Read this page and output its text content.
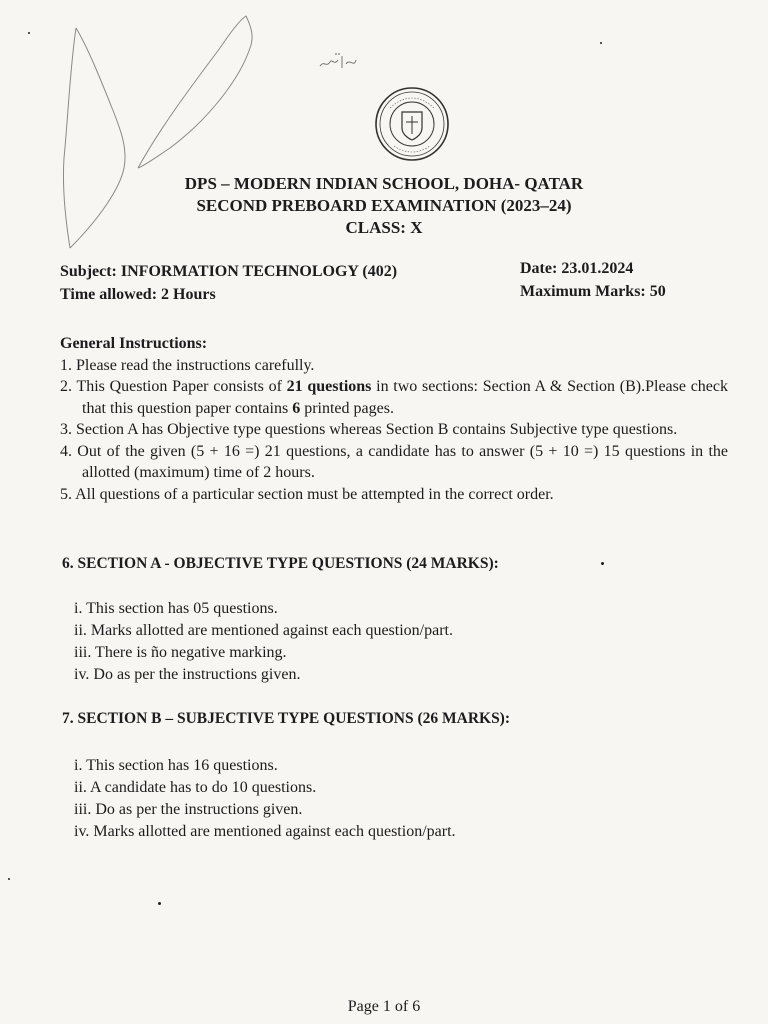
DPS – MODERN INDIAN SCHOOL, DOHA- QATAR
SECOND PREBOARD EXAMINATION (2023–24)
CLASS: X
Subject: INFORMATION TECHNOLOGY (402)
Time allowed: 2 Hours
Date: 23.01.2024
Maximum Marks: 50
General Instructions:
1. Please read the instructions carefully.
2. This Question Paper consists of 21 questions in two sections: Section A & Section (B).Please check that this question paper contains 6 printed pages.
3. Section A has Objective type questions whereas Section B contains Subjective type questions.
4. Out of the given (5 + 16 =) 21 questions, a candidate has to answer (5 + 10 =) 15 questions in the allotted (maximum) time of 2 hours.
5. All questions of a particular section must be attempted in the correct order.
6. SECTION A - OBJECTIVE TYPE QUESTIONS (24 MARKS):
i. This section has 05 questions.
ii. Marks allotted are mentioned against each question/part.
iii. There is ño negative marking.
iv. Do as per the instructions given.
7. SECTION B – SUBJECTIVE TYPE QUESTIONS (26 MARKS):
i. This section has 16 questions.
ii. A candidate has to do 10 questions.
iii. Do as per the instructions given.
iv. Marks allotted are mentioned against each question/part.
Page 1 of 6
